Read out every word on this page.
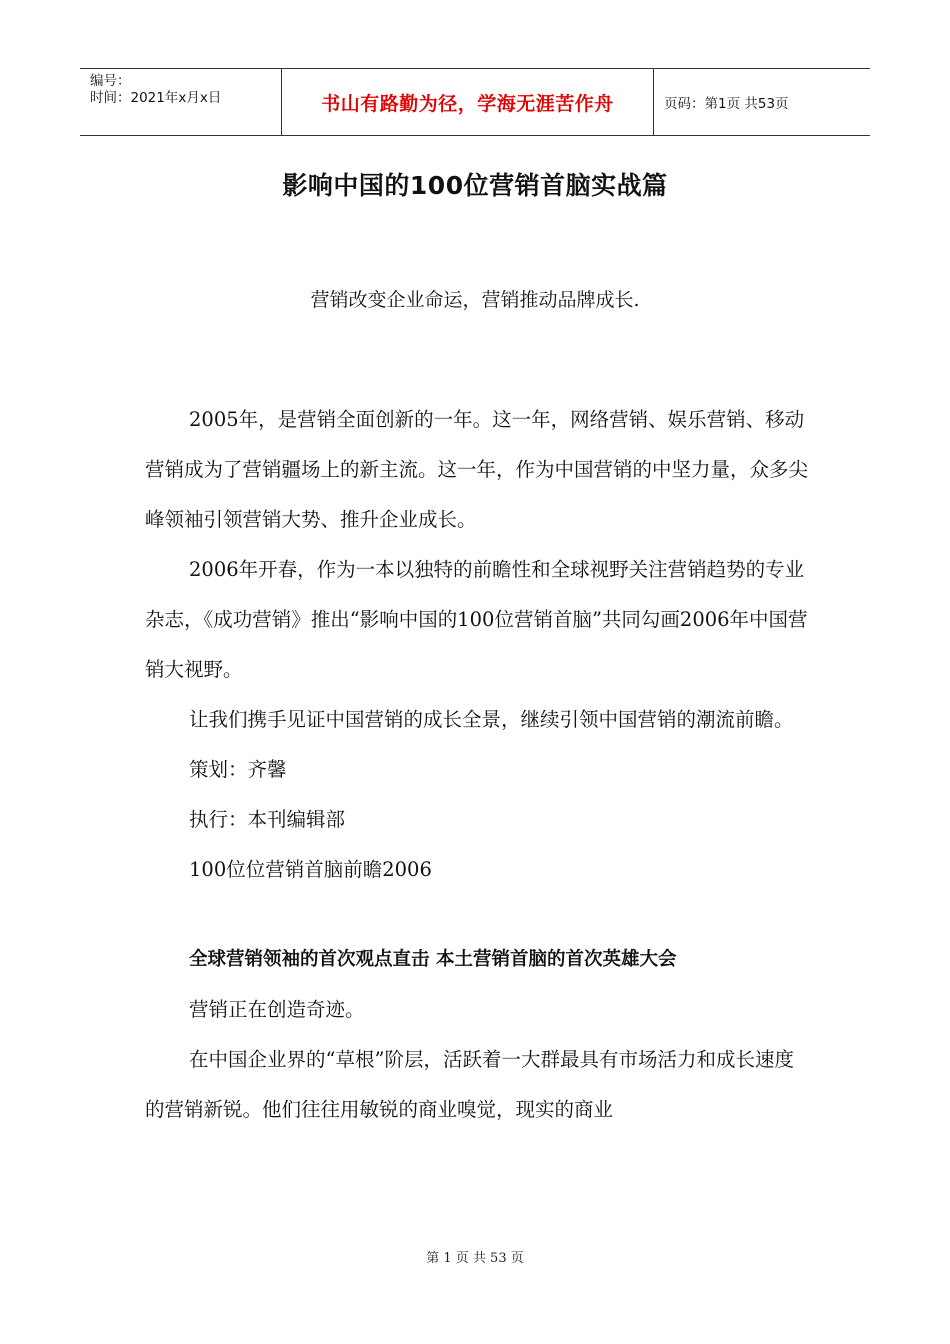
编号：
时间：2021年x月x日	书山有路勤为径，学海无涯苦作舟	页码：第1页 共53页
影响中国的100位营销首脑实战篇
营销改变企业命运，营销推动品牌成长.

2005年，是营销全面创新的一年。这一年，网络营销、娱乐营销、移动营销成为了营销疆场上的新主流。这一年，作为中国营销的中坚力量，众多尖峰领袖引领营销大势、推升企业成长。

2006年开春，作为一本以独特的前瞻性和全球视野关注营销趋势的专业杂志，《成功营销》推出“影响中国的100位营销首脑”共同勾画2006年中国营销大视野。

让我们携手见证中国营销的成长全景，继续引领中国营销的潮流前瞻。

策划：齐馨

执行：本刊编辑部

100位位营销首脑前瞻2006

全球营销领袖的首次观点直击 本土营销首脑的首次英雄大会

营销正在创造奇迹。

在中国企业界的“草根”阶层，活跃着一大群最具有市场活力和成长速度的营销新锐。他们往往用敏锐的商业嗅觉，现实的商业

第 1 页 共 53 页
